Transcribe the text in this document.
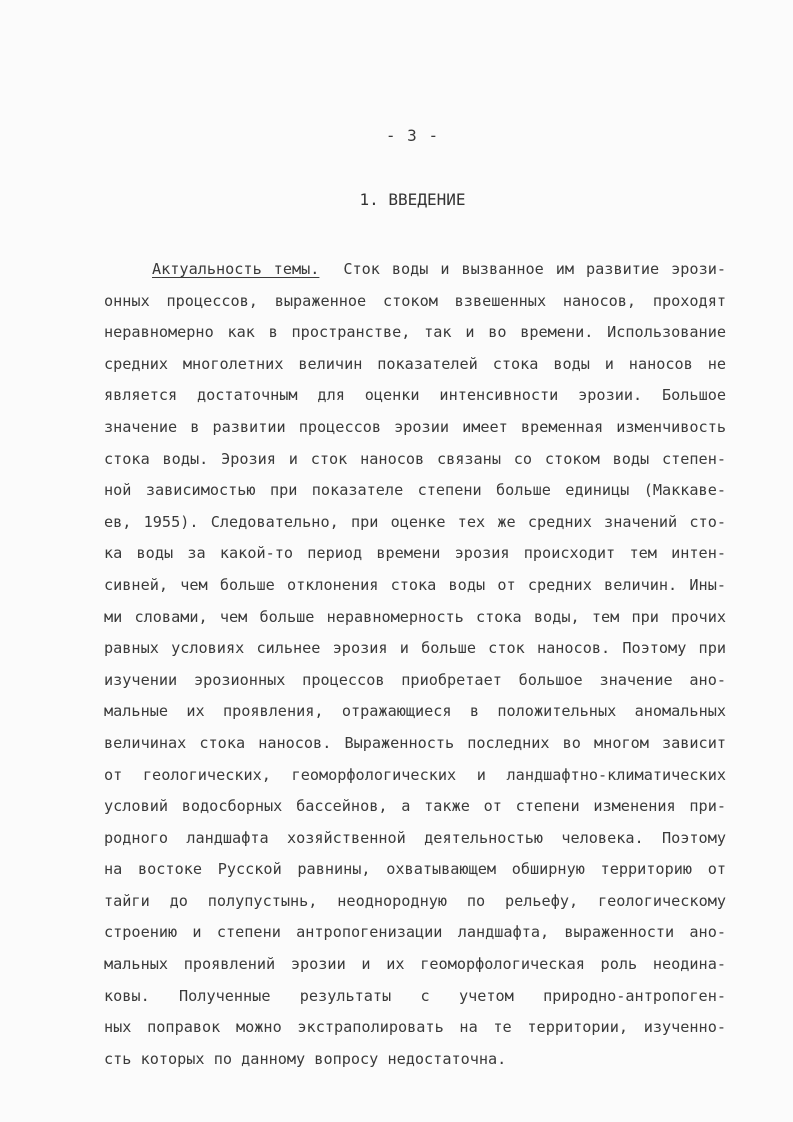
- 3 -
1. ВВЕДЕНИЕ
Актуальность темы. Сток воды и вызванное им развитие эрози-
онных процессов, выраженное стоком взвешенных наносов, проходят
неравномерно как в пространстве, так и во времени. Использование
средних многолетних величин показателей стока воды и наносов не
является достаточным для оценки интенсивности эрозии. Большое
значение в развитии процессов эрозии имеет временная изменчивость
стока воды. Эрозия и сток наносов связаны со стоком воды степен-
ной зависимостью при показателе степени больше единицы (Маккаве-
ев, 1955). Следовательно, при оценке тех же средних значений сто-
ка воды за какой-то период времени эрозия происходит тем интен-
сивней, чем больше отклонения стока воды от средних величин. Ины-
ми словами, чем больше неравномерность стока воды, тем при прочих
равных условиях сильнее эрозия и больше сток наносов. Поэтому при
изучении эрозионных процессов приобретает большое значение ано-
мальные их проявления, отражающиеся в положительных аномальных
величинах стока наносов. Выраженность последних во многом зависит
от геологических, геоморфологических и ландшафтно-климатических
условий водосборных бассейнов, а также от степени изменения при-
родного ландшафта хозяйственной деятельностью человека. Поэтому
на востоке Русской равнины, охватывающем обширную территорию от
тайги до полупустынь, неоднородную по рельефу, геологическому
строению и степени антропогенизации ландшафта, выраженности ано-
мальных проявлений эрозии и их геоморфологическая роль неодина-
ковы. Полученные результаты с учетом природно-антропоген-
ных поправок можно экстраполировать на те территории, изученно-
сть которых по данному вопросу недостаточна.
